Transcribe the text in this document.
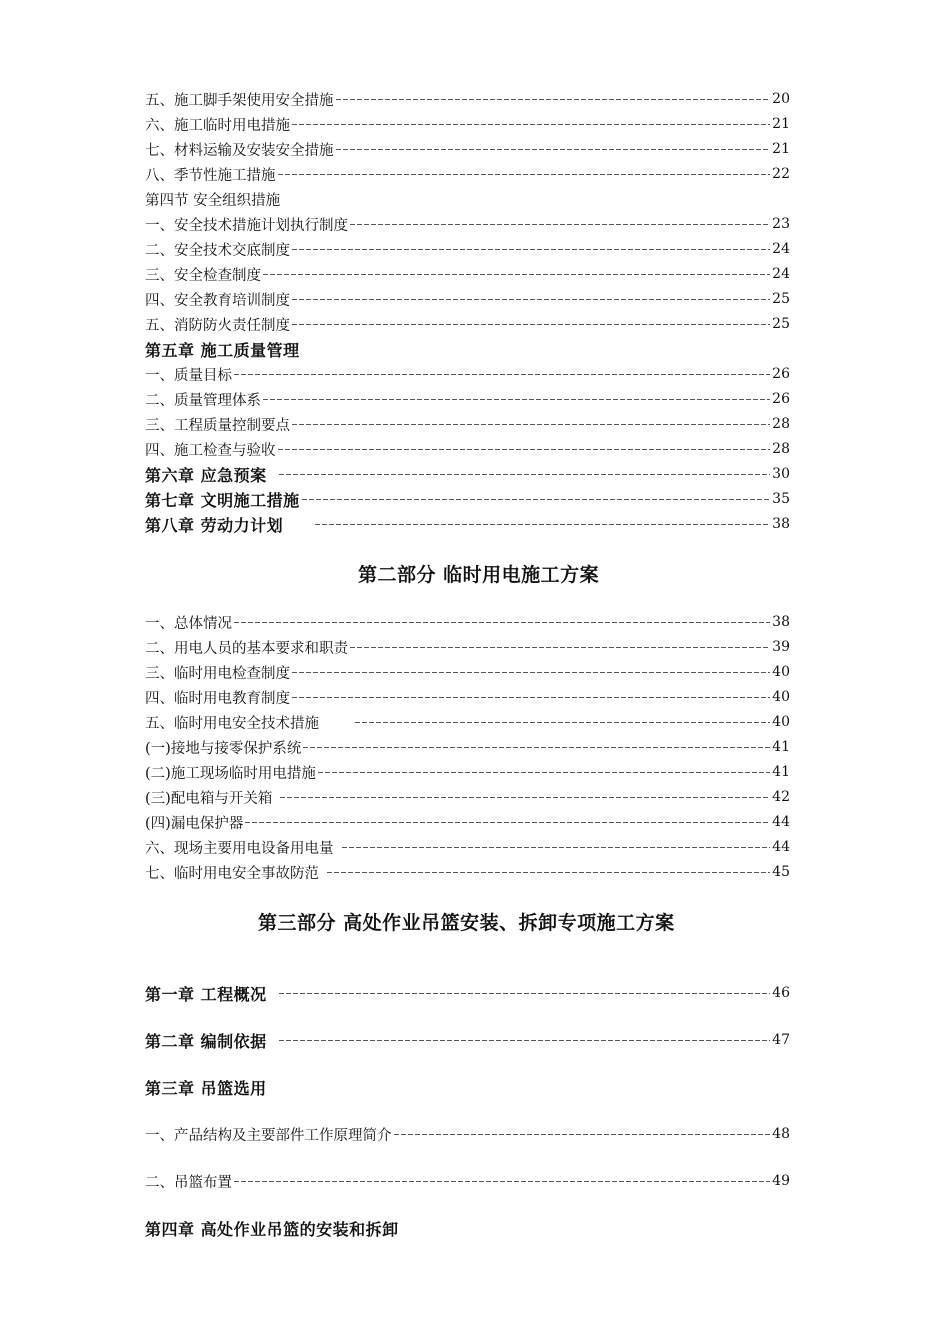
五、施工脚手架使用安全措施	20
六、施工临时用电措施	21
七、材料运输及安装安全措施	21
八、季节性施工措施	22
第四节 安全组织措施
一、安全技术措施计划执行制度	23
二、安全技术交底制度	24
三、安全检查制度	24
四、安全教育培训制度	25
五、消防防火责任制度	25
第五章 施工质量管理
一、质量目标	26
二、质量管理体系	26
三、工程质量控制要点	28
四、施工检查与验收	28
第六章 应急预案	30
第七章 文明施工措施	35
第八章 劳动力计划	38
第二部分 临时用电施工方案
一、总体情况	38
二、用电人员的基本要求和职责	39
三、临时用电检查制度	40
四、临时用电教育制度	40
五、临时用电安全技术措施	40
(一)接地与接零保护系统	41
(二)施工现场临时用电措施	41
(三)配电箱与开关箱	42
(四)漏电保护器	44
六、现场主要用电设备用电量	44
七、临时用电安全事故防范	45
第三部分 高处作业吊篮安装、拆卸专项施工方案
第一章 工程概况	46
第二章 编制依据	47
第三章 吊篮选用
一、产品结构及主要部件工作原理简介	48
二、吊篮布置	49
第四章 高处作业吊篮的安装和拆卸
